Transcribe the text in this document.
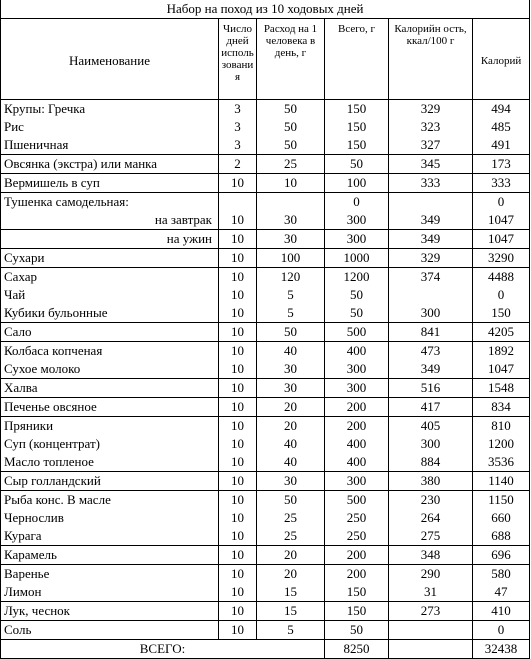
Набор на поход из 10 ходовых дней					
Наименование	Число дней исполь зовани я	Расход на 1 человека в день, г	Всего, г	Калорийн ость, ккал/100 г	Калорий
Крупы: Гречка	3	50	150	329	494
Рис	3	50	150	323	485
Пшеничная	3	50	150	327	491
Овсянка (экстра) или манка	2	25	50	345	173
Вермишель в суп	10	10	100	333	333
Тушенка самодельная:			0		0
на завтрак	10	30	300	349	1047
на ужин	10	30	300	349	1047
Сухари	10	100	1000	329	3290
Сахар	10	120	1200	374	4488
Чай	10	5	50		0
Кубики бульонные	10	5	50	300	150
Сало	10	50	500	841	4205
Колбаса копченая	10	40	400	473	1892
Сухое молоко	10	30	300	349	1047
Халва	10	30	300	516	1548
Печенье овсяное	10	20	200	417	834
Пряники	10	20	200	405	810
Суп (концентрат)	10	40	400	300	1200
Масло топленое	10	40	400	884	3536
Сыр голландский	10	30	300	380	1140
Рыба конс. В масле	10	50	500	230	1150
Чернослив	10	25	250	264	660
Курага	10	25	250	275	688
Карамель	10	20	200	348	696
Варенье	10	20	200	290	580
Лимон	10	15	150	31	47
Лук, чеснок	10	15	150	273	410
Соль	10	5	50		0
ВСЕГО:			8250		32438
